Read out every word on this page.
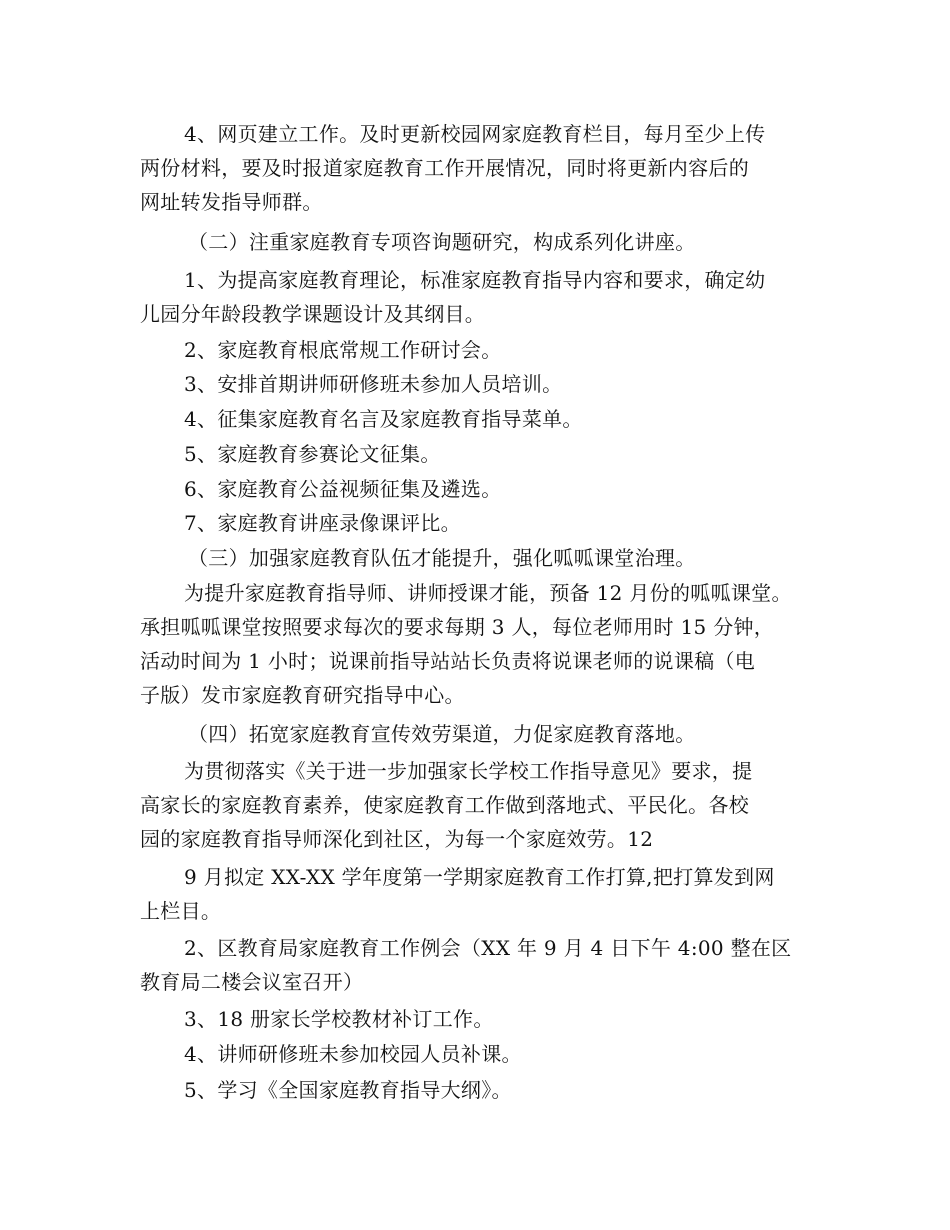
4、网页建立工作。及时更新校园网家庭教育栏目，每月至少上传
两份材料，要及时报道家庭教育工作开展情况，同时将更新内容后的
网址转发指导师群。
（二）注重家庭教育专项咨询题研究，构成系列化讲座。
1、为提高家庭教育理论，标准家庭教育指导内容和要求，确定幼
儿园分年龄段教学课题设计及其纲目。
2、家庭教育根底常规工作研讨会。
3、安排首期讲师研修班未参加人员培训。
4、征集家庭教育名言及家庭教育指导菜单。
5、家庭教育参赛论文征集。
6、家庭教育公益视频征集及遴选。
7、家庭教育讲座录像课评比。
（三）加强家庭教育队伍才能提升，强化呱呱课堂治理。
为提升家庭教育指导师、讲师授课才能，预备 12 月份的呱呱课堂。
承担呱呱课堂按照要求每次的要求每期 3 人，每位老师用时 15 分钟，
活动时间为 1 小时；说课前指导站站长负责将说课老师的说课稿（电
子版）发市家庭教育研究指导中心。
（四）拓宽家庭教育宣传效劳渠道，力促家庭教育落地。
为贯彻落实《关于进一步加强家长学校工作指导意见》要求，提
高家长的家庭教育素养，使家庭教育工作做到落地式、平民化。各校
园的家庭教育指导师深化到社区，为每一个家庭效劳。12
9 月拟定 XX-XX 学年度第一学期家庭教育工作打算,把打算发到网
上栏目。
2、区教育局家庭教育工作例会（XX 年 9 月 4 日下午 4:00 整在区
教育局二楼会议室召开）
3、18 册家长学校教材补订工作。
4、讲师研修班未参加校园人员补课。
5、学习《全国家庭教育指导大纲》。
